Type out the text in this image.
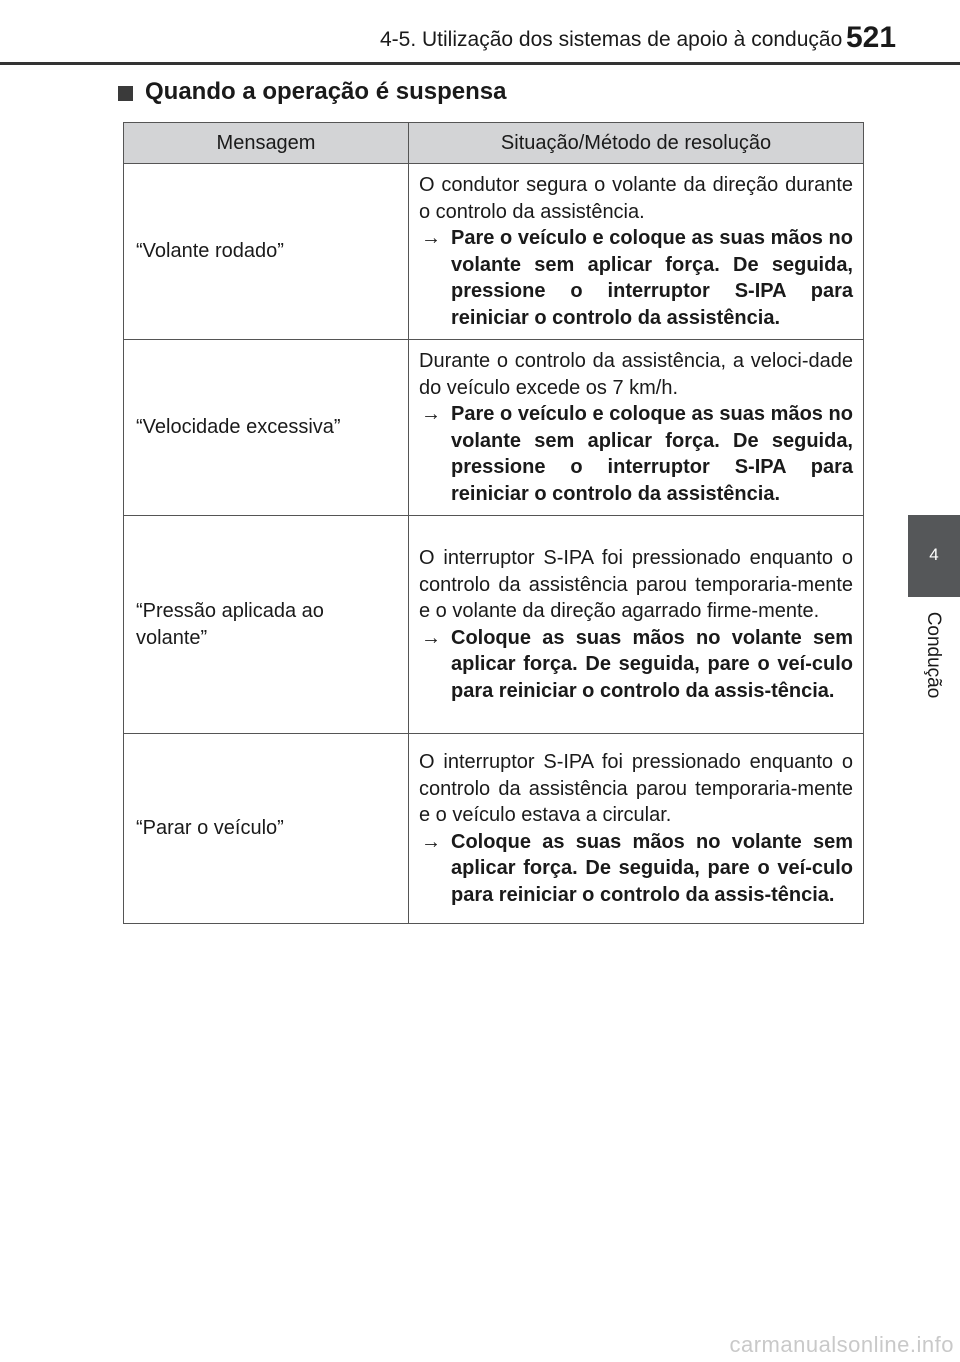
4-5. Utilização dos sistemas de apoio à condução 521
Quando a operação é suspensa
4
Condução
Mensagem	Situação/Método de resolução
“Volante rodado”	O condutor segura o volante da direção durante o controlo da assistência.
→ Pare o veículo e coloque as suas mãos no volante sem aplicar força. De seguida, pressione o interruptor S-IPA para reiniciar o controlo da assistência.

“Velocidade excessiva”	Durante o controlo da assistência, a veloci-dade do veículo excede os 7 km/h.
→ Pare o veículo e coloque as suas mãos no volante sem aplicar força. De seguida, pressione o interruptor S-IPA para reiniciar o controlo da assistência.

“Pressão aplicada ao volante”	O interruptor S-IPA foi pressionado enquanto o controlo da assistência parou temporaria-mente e o volante da direção agarrado firme-mente.
→ Coloque as suas mãos no volante sem aplicar força. De seguida, pare o veí-culo para reiniciar o controlo da assis-tência.

“Parar o veículo”	O interruptor S-IPA foi pressionado enquanto o controlo da assistência parou temporaria-mente e o veículo estava a circular.
→ Coloque as suas mãos no volante sem aplicar força. De seguida, pare o veí-culo para reiniciar o controlo da assis-tência.
carmanualsonline.info
